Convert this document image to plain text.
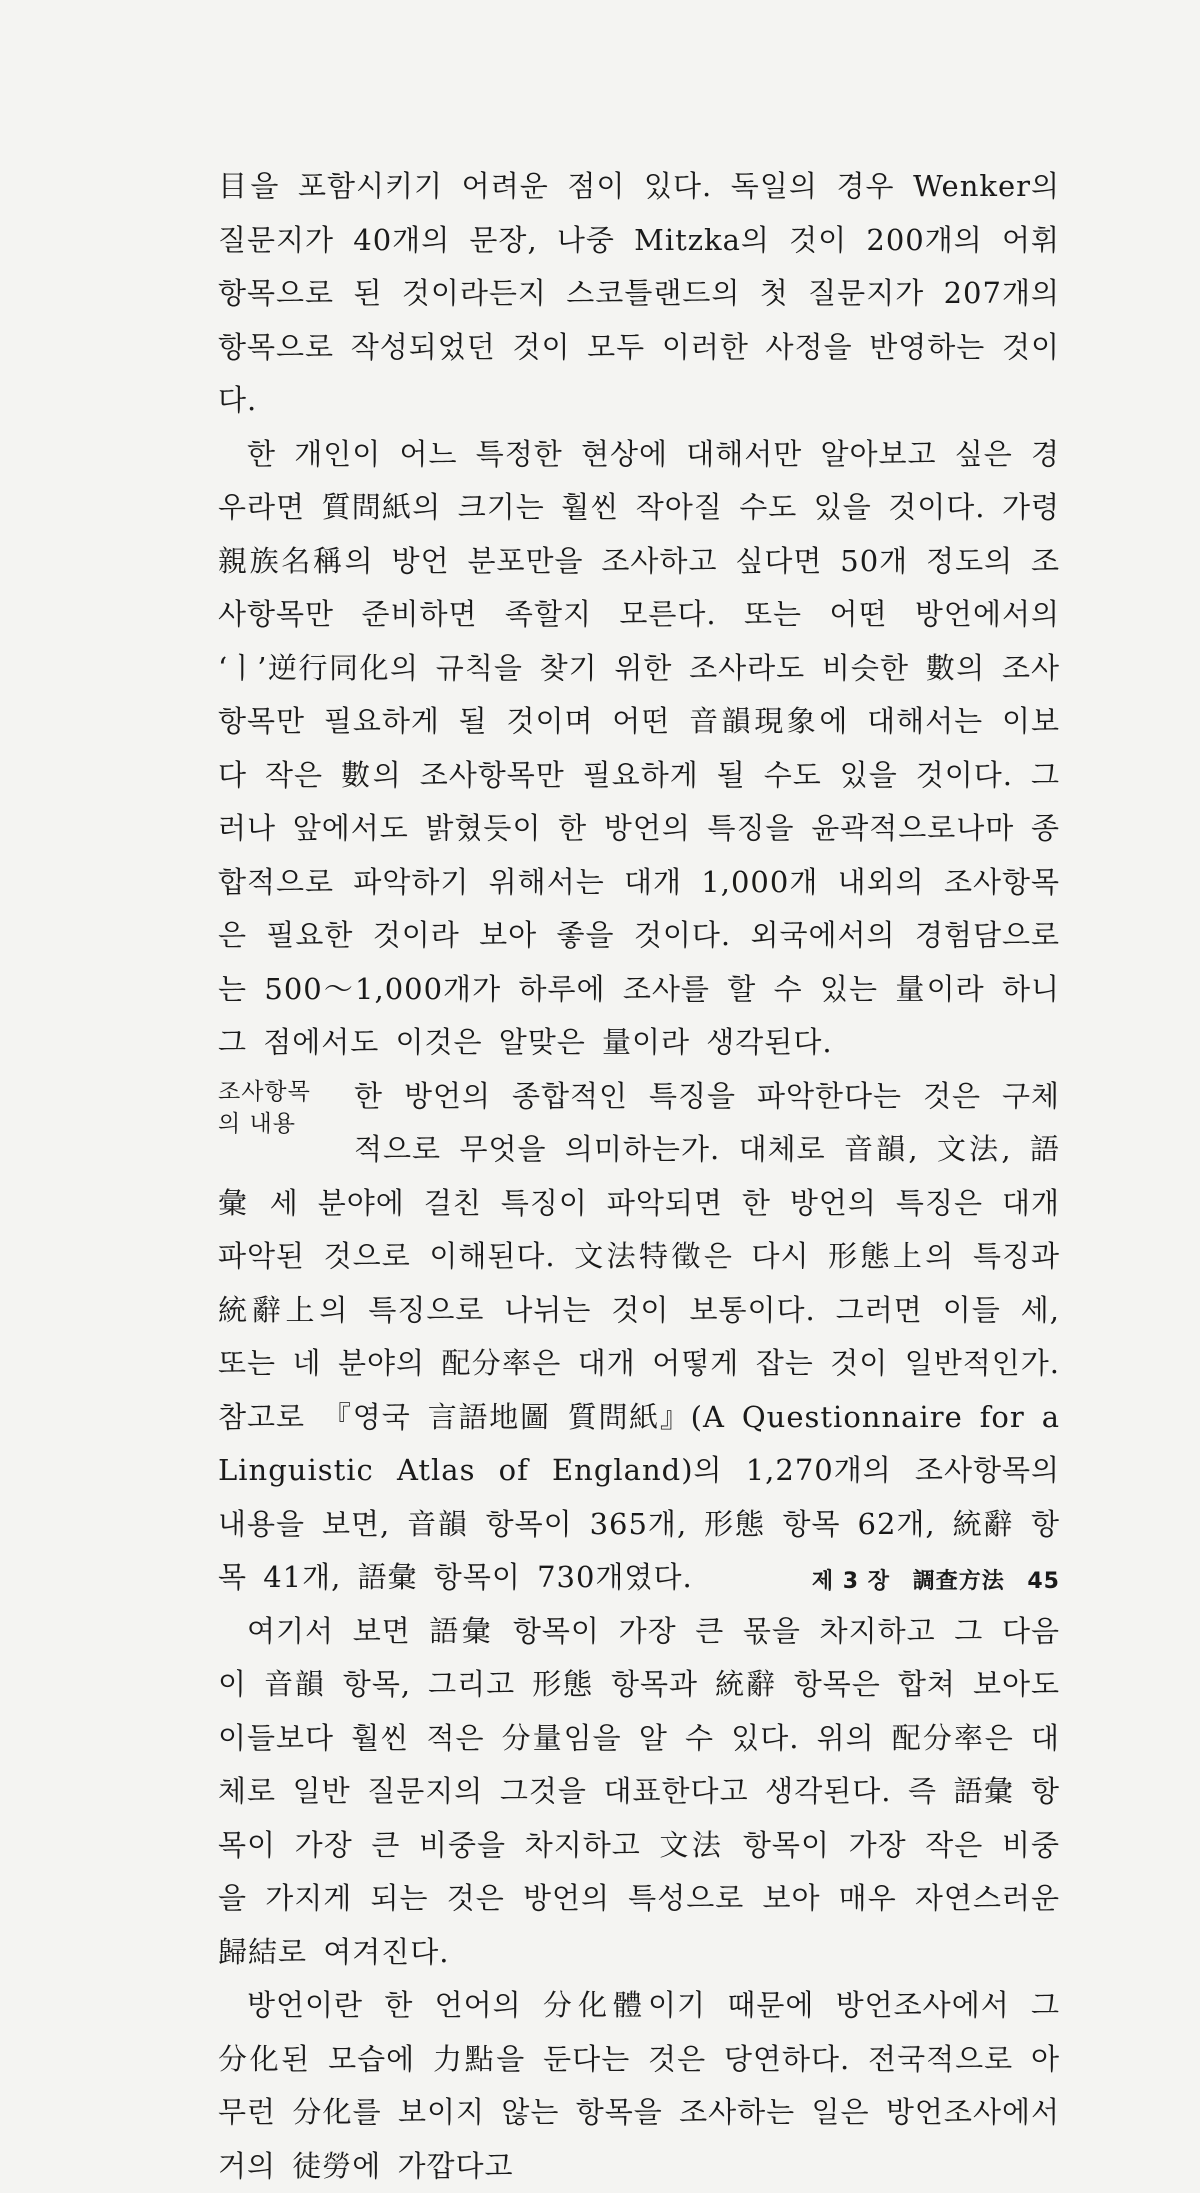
目을 포함시키기 어려운 점이 있다. 독일의 경우 Wenker의 질문지가 40개의 문장, 나중 Mitzka의 것이 200개의 어휘 항목으로 된 것이라든지 스코틀랜드의 첫 질문지가 207개의 항목으로 작성되었던 것이 모두 이러한 사정을 반영하는 것이다.

한 개인이 어느 특정한 현상에 대해서만 알아보고 싶은 경우라면 質問紙의 크기는 훨씬 작아질 수도 있을 것이다. 가령 親族名稱의 방언 분포만을 조사하고 싶다면 50개 정도의 조사항목만 준비하면 족할지 모른다. 또는 어떤 방언에서의 ‘ㅣ’逆行同化의 규칙을 찾기 위한 조사라도 비슷한 數의 조사항목만 필요하게 될 것이며 어떤 音韻現象에 대해서는 이보다 작은 數의 조사항목만 필요하게 될 수도 있을 것이다. 그러나 앞에서도 밝혔듯이 한 방언의 특징을 윤곽적으로나마 종합적으로 파악하기 위해서는 대개 1,000개 내외의 조사항목은 필요한 것이라 보아 좋을 것이다. 외국에서의 경험담으로는 500～1,000개가 하루에 조사를 할 수 있는 量이라 하니 그 점에서도 이것은 알맞은 量이라 생각된다.

조사항목
의 내용

한 방언의 종합적인 특징을 파악한다는 것은 구체적으로 무엇을 의미하는가. 대체로 音韻, 文法, 語彙 세 분야에 걸친 특징이 파악되면 한 방언의 특징은 대개 파악된 것으로 이해된다. 文法特徵은 다시 形態上의 특징과 統辭上의 특징으로 나뉘는 것이 보통이다. 그러면 이들 세, 또는 네 분야의 配分率은 대개 어떻게 잡는 것이 일반적인가. 참고로 『영국 言語地圖 質問紙』(A Questionnaire for a Linguistic Atlas of England)의 1,270개의 조사항목의 내용을 보면, 音韻 항목이 365개, 形態 항목 62개, 統辭 항목 41개, 語彙 항목이 730개였다.

여기서 보면 語彙 항목이 가장 큰 몫을 차지하고 그 다음이 音韻 항목, 그리고 形態 항목과 統辭 항목은 합쳐 보아도 이들보다 훨씬 적은 分量임을 알 수 있다. 위의 配分率은 대체로 일반 질문지의 그것을 대표한다고 생각된다. 즉 語彙 항목이 가장 큰 비중을 차지하고 文法 항목이 가장 작은 비중을 가지게 되는 것은 방언의 특성으로 보아 매우 자연스러운 歸結로 여겨진다.

방언이란 한 언어의 分化體이기 때문에 방언조사에서 그 分化된 모습에 力點을 둔다는 것은 당연하다. 전국적으로 아무런 分化를 보이지 않는 항목을 조사하는 일은 방언조사에서 거의 徒勞에 가깝다고

제 3 장 調査方法 45
